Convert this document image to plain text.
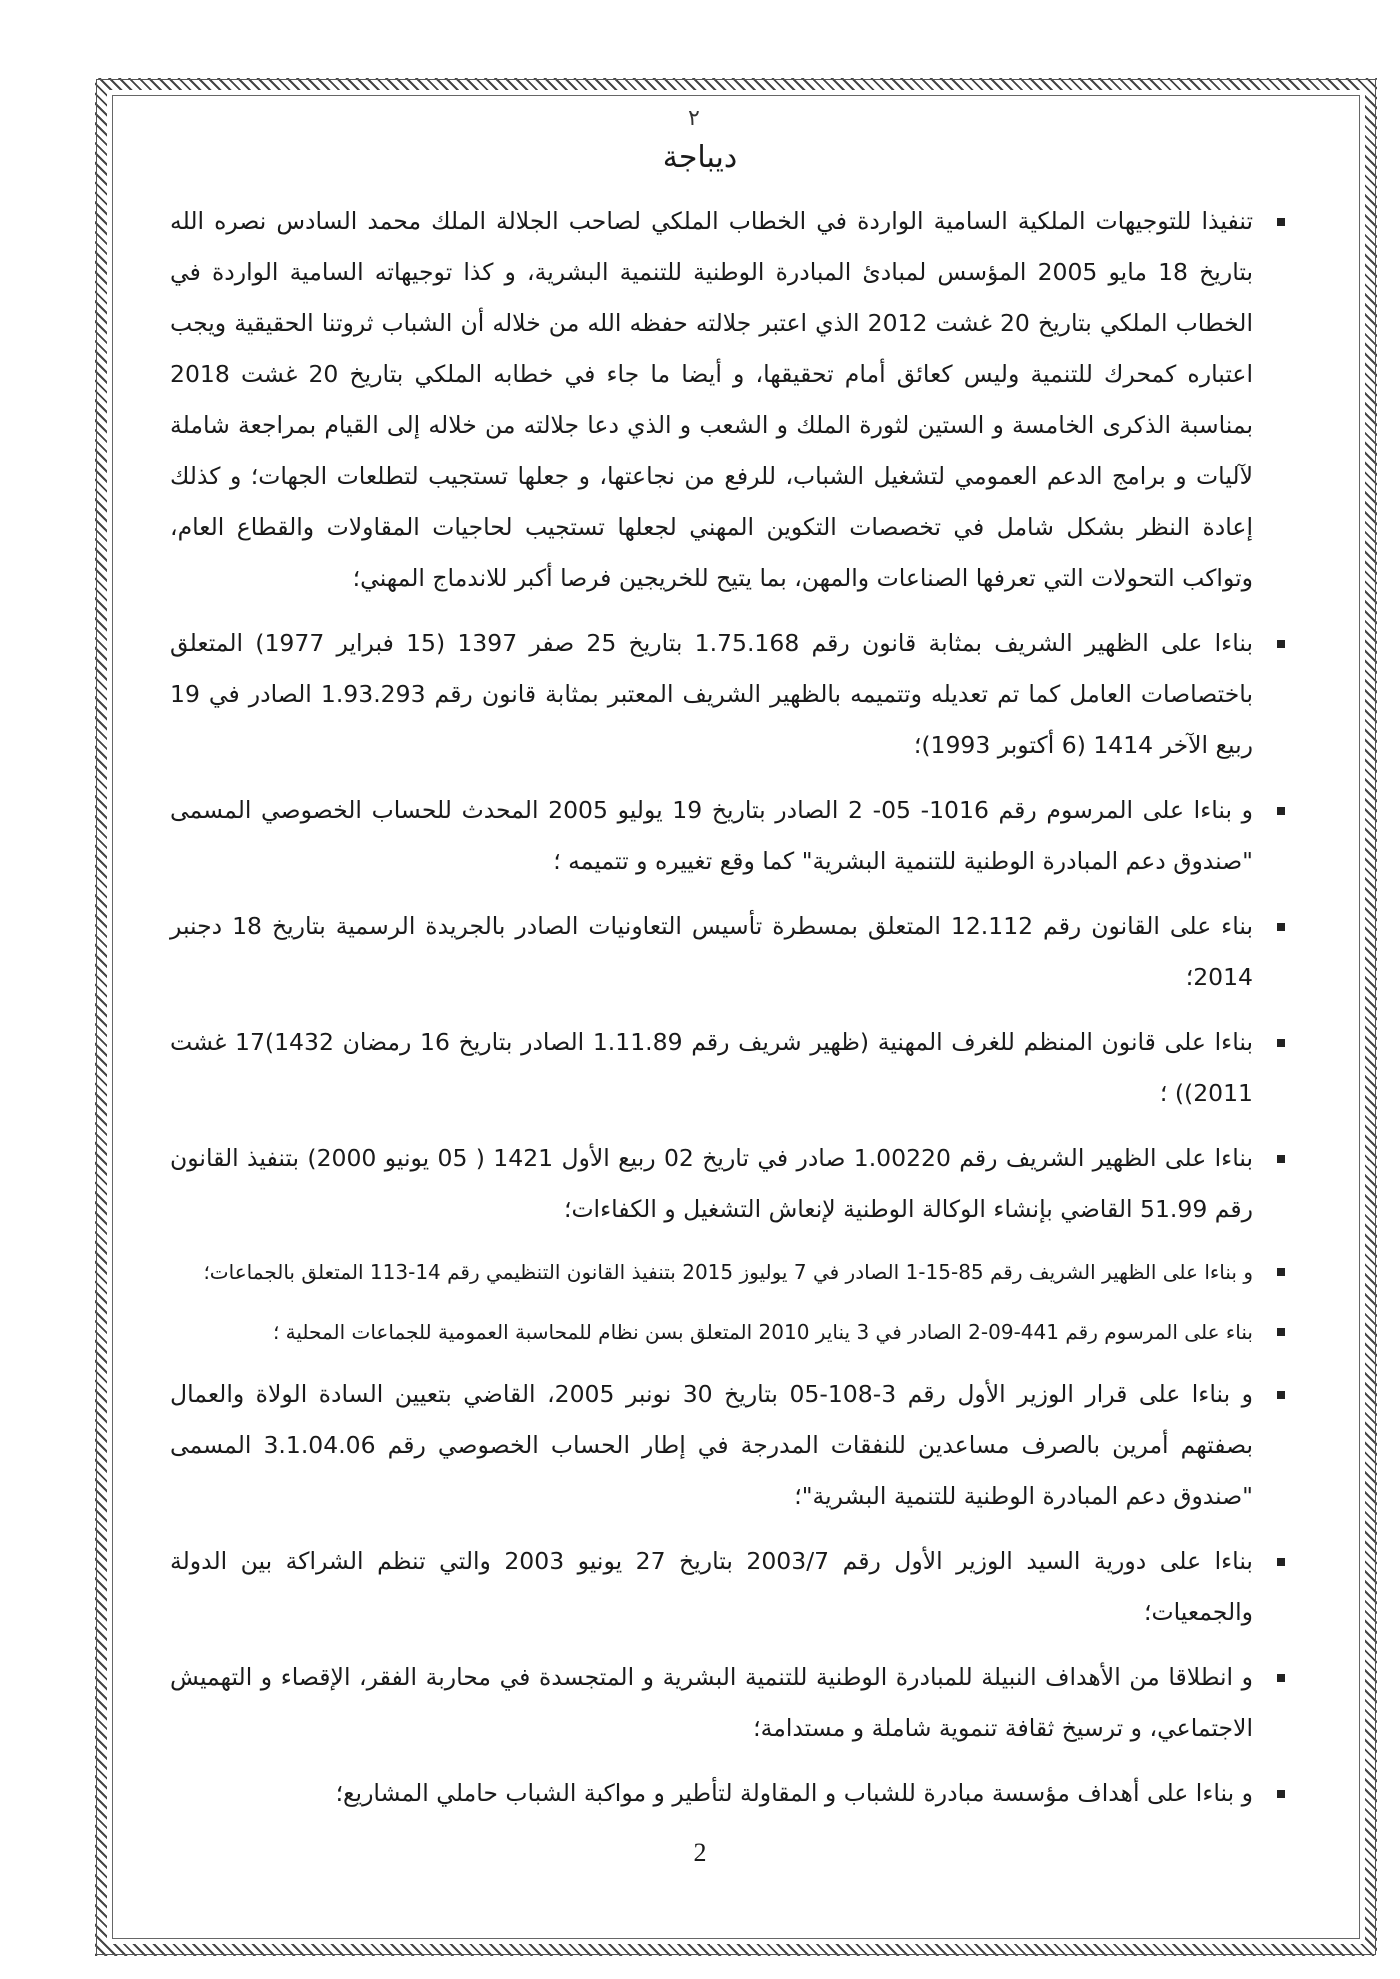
٢
ديباجة
تنفيذا للتوجيهات الملكية السامية الواردة في الخطاب الملكي لصاحب الجلالة الملك محمد السادس نصره الله بتاريخ 18 مايو 2005 المؤسس لمبادئ المبادرة الوطنية للتنمية البشرية، و كذا توجيهاته السامية الواردة في الخطاب الملكي بتاريخ 20 غشت 2012 الذي اعتبر جلالته حفظه الله من خلاله أن الشباب ثروتنا الحقيقية ويجب اعتباره كمحرك للتنمية وليس كعائق أمام تحقيقها، و أيضا ما جاء في خطابه الملكي بتاريخ 20 غشت 2018 بمناسبة الذكرى الخامسة و الستين لثورة الملك و الشعب و الذي دعا جلالته من خلاله إلى القيام بمراجعة شاملة لآليات و برامج الدعم العمومي لتشغيل الشباب، للرفع من نجاعتها، و جعلها تستجيب لتطلعات الجهات؛ و كذلك إعادة النظر بشكل شامل في تخصصات التكوين المهني لجعلها تستجيب لحاجيات المقاولات والقطاع العام، وتواكب التحولات التي تعرفها الصناعات والمهن، بما يتيح للخريجين فرصا أكبر للاندماج المهني؛
بناءا على الظهير الشريف بمثابة قانون رقم 1.75.168 بتاريخ 25 صفر 1397 (15 فبراير 1977) المتعلق باختصاصات العامل كما تم تعديله وتتميمه بالظهير الشريف المعتبر بمثابة قانون رقم 1.93.293 الصادر في 19 ربيع الآخر 1414 (6 أكتوبر 1993)؛
و بناءا على المرسوم رقم 1016- 05- 2 الصادر بتاريخ 19 يوليو 2005 المحدث للحساب الخصوصي المسمى "صندوق دعم المبادرة الوطنية للتنمية البشرية" كما وقع تغييره و تتميمه ؛
بناء على القانون رقم 12.112 المتعلق بمسطرة تأسيس التعاونيات الصادر بالجريدة الرسمية بتاريخ 18 دجنبر 2014؛
بناءا على قانون المنظم للغرف المهنية (ظهير شريف رقم 1.11.89 الصادر بتاريخ 16 رمضان 1432)17 غشت 2011)) ؛
بناءا على الظهير الشريف رقم 1.00220 صادر في تاريخ 02 ربيع الأول 1421 ( 05 يونيو 2000) بتنفيذ القانون رقم 51.99 القاضي بإنشاء الوكالة الوطنية لإنعاش التشغيل و الكفاءات؛
و بناءا على الظهير الشريف رقم 85-15-1 الصادر في 7 يوليوز 2015 بتنفيذ القانون التنظيمي رقم 14-113 المتعلق بالجماعات؛
بناء على المرسوم رقم 441-09-2 الصادر في 3 يناير 2010 المتعلق بسن نظام للمحاسبة العمومية للجماعات المحلية ؛
و بناءا على قرار الوزير الأول رقم 3-108-05 بتاريخ 30 نونبر 2005، القاضي بتعيين السادة الولاة والعمال بصفتهم أمرين بالصرف مساعدين للنفقات المدرجة في إطار الحساب الخصوصي رقم 3.1.04.06 المسمى "صندوق دعم المبادرة الوطنية للتنمية البشرية"؛
بناءا على دورية السيد الوزير الأول رقم 2003/7 بتاريخ 27 يونيو 2003 والتي تنظم الشراكة بين الدولة والجمعيات؛
و انطلاقا من الأهداف النبيلة للمبادرة الوطنية للتنمية البشرية و المتجسدة في محاربة الفقر، الإقصاء و التهميش الاجتماعي، و ترسيخ ثقافة تنموية شاملة و مستدامة؛
و بناءا على أهداف مؤسسة مبادرة للشباب و المقاولة لتأطير و مواكبة الشباب حاملي المشاريع؛
2
